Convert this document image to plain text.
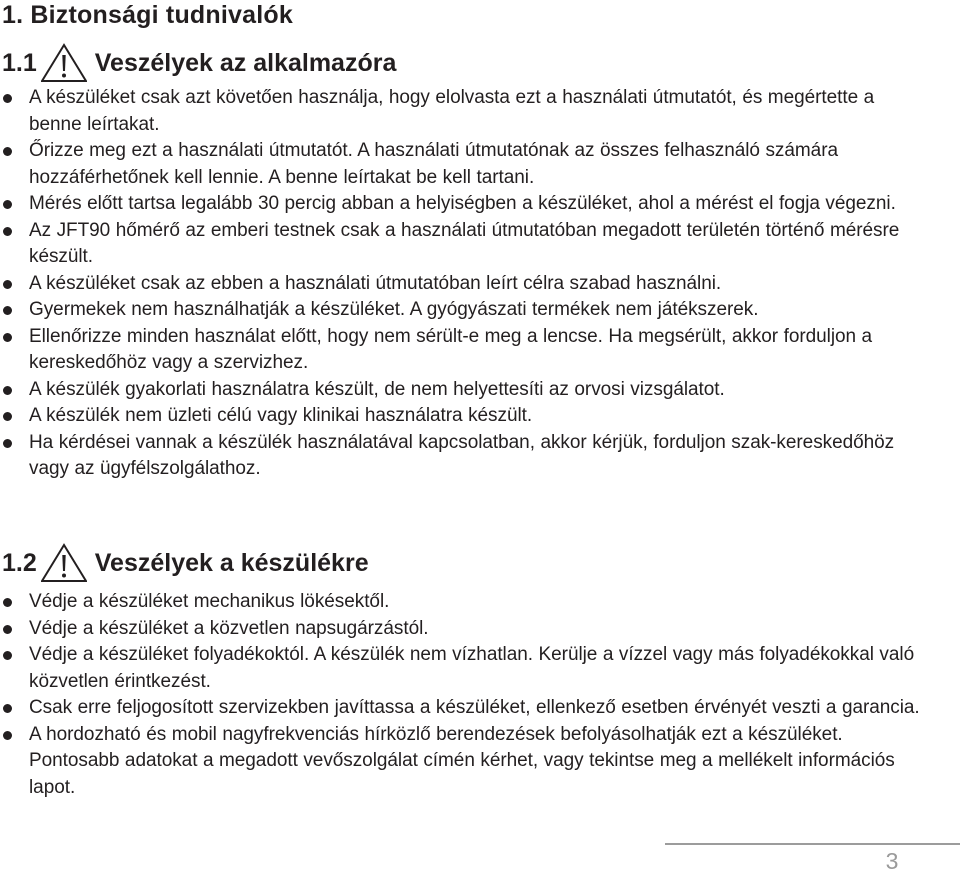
1. Biztonsági tudnivalók
1.1 Veszélyek az alkalmazóra
A készüléket csak azt követően használja, hogy elolvasta ezt a használati útmutatót, és megértette a benne leírtakat.
Őrizze meg ezt a használati útmutatót. A használati útmutatónak az összes felhasználó számára hozzáférhetőnek kell lennie. A benne leírtakat be kell tartani.
Mérés előtt tartsa legalább 30 percig abban a helyiségben a készüléket, ahol a mérést el fogja végezni.
Az JFT90 hőmérő az emberi testnek csak a használati útmutatóban megadott területén történő mérésre készült.
A készüléket csak az ebben a használati útmutatóban leírt célra szabad használni.
Gyermekek nem használhatják a készüléket. A gyógyászati termékek nem játékszerek.
Ellenőrizze minden használat előtt, hogy nem sérült-e meg a lencse. Ha megsérült, akkor forduljon a kereskedőhöz vagy a szervizhez.
A készülék gyakorlati használatra készült, de nem helyettesíti az orvosi vizsgálatot.
A készülék nem üzleti célú vagy klinikai használatra készült.
Ha kérdései vannak a készülék használatával kapcsolatban, akkor kérjük, forduljon szak-kereskedőhöz vagy az ügyfélszolgálathoz.
1.2 Veszélyek a készülékre
Védje a készüléket mechanikus lökésektől.
Védje a készüléket a közvetlen napsugárzástól.
Védje a készüléket folyadékoktól. A készülék nem vízhatlan. Kerülje a vízzel vagy más folyadékokkal való közvetlen érintkezést.
Csak erre feljogosított szervizekben javíttassa a készüléket, ellenkező esetben érvényét veszti a garancia.
A hordozható és mobil nagyfrekvenciás hírközlő berendezések befolyásolhatják ezt a készüléket. Pontosabb adatokat a megadott vevőszolgálat címén kérhet, vagy tekintse meg a mellékelt információs lapot.
3
